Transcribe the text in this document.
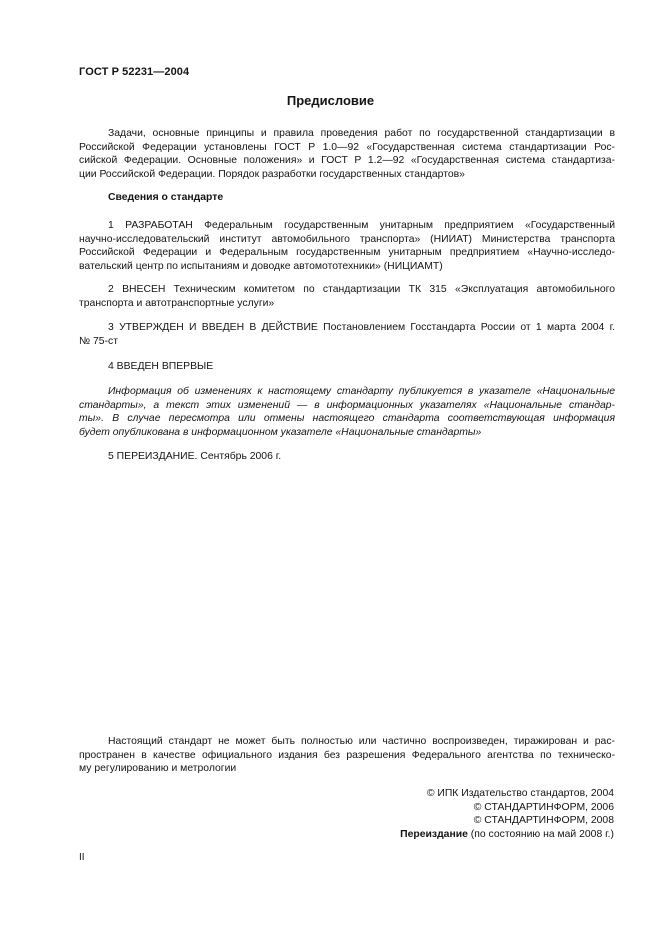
ГОСТ Р 52231—2004
Предисловие
Задачи, основные принципы и правила проведения работ по государственной стандартизации в
Российской Федерации установлены ГОСТ Р 1.0—92 «Государственная система стандартизации Рос-
сийской Федерации. Основные положения» и ГОСТ Р 1.2—92 «Государственная система стандартиза-
ции Российской Федерации. Порядок разработки государственных стандартов»
Сведения о стандарте
1 РАЗРАБОТАН Федеральным государственным унитарным предприятием «Государственный
научно-исследовательский институт автомобильного транспорта» (НИИАТ) Министерства транспорта
Российской Федерации и Федеральным государственным унитарным предприятием «Научно-исследо-
вательский центр по испытаниям и доводке автомототехники» (НИЦИАМТ)
2 ВНЕСЕН Техническим комитетом по стандартизации ТК 315 «Эксплуатация автомобильного
транспорта и автотранспортные услуги»
3 УТВЕРЖДЕН И ВВЕДЕН В ДЕЙСТВИЕ Постановлением Госстандарта России от 1 марта 2004 г.
№ 75-ст
4 ВВЕДЕН ВПЕРВЫЕ
Информация об изменениях к настоящему стандарту публикуется в указателе «Национальные
стандарты», а текст этих изменений — в информационных указателях «Национальные стандар-
ты». В случае пересмотра или отмены настоящего стандарта соответствующая информация
будет опубликована в информационном указателе «Национальные стандарты»
5 ПЕРЕИЗДАНИЕ. Сентябрь 2006 г.
Настоящий стандарт не может быть полностью или частично воспроизведен, тиражирован и рас-
пространен в качестве официального издания без разрешения Федерального агентства по техническо-
му регулированию и метрологии
© ИПК Издательство стандартов, 2004
© СТАНДАРТИНФОРМ, 2006
© СТАНДАРТИНФОРМ, 2008
Переиздание (по состоянию на май 2008 г.)
II
